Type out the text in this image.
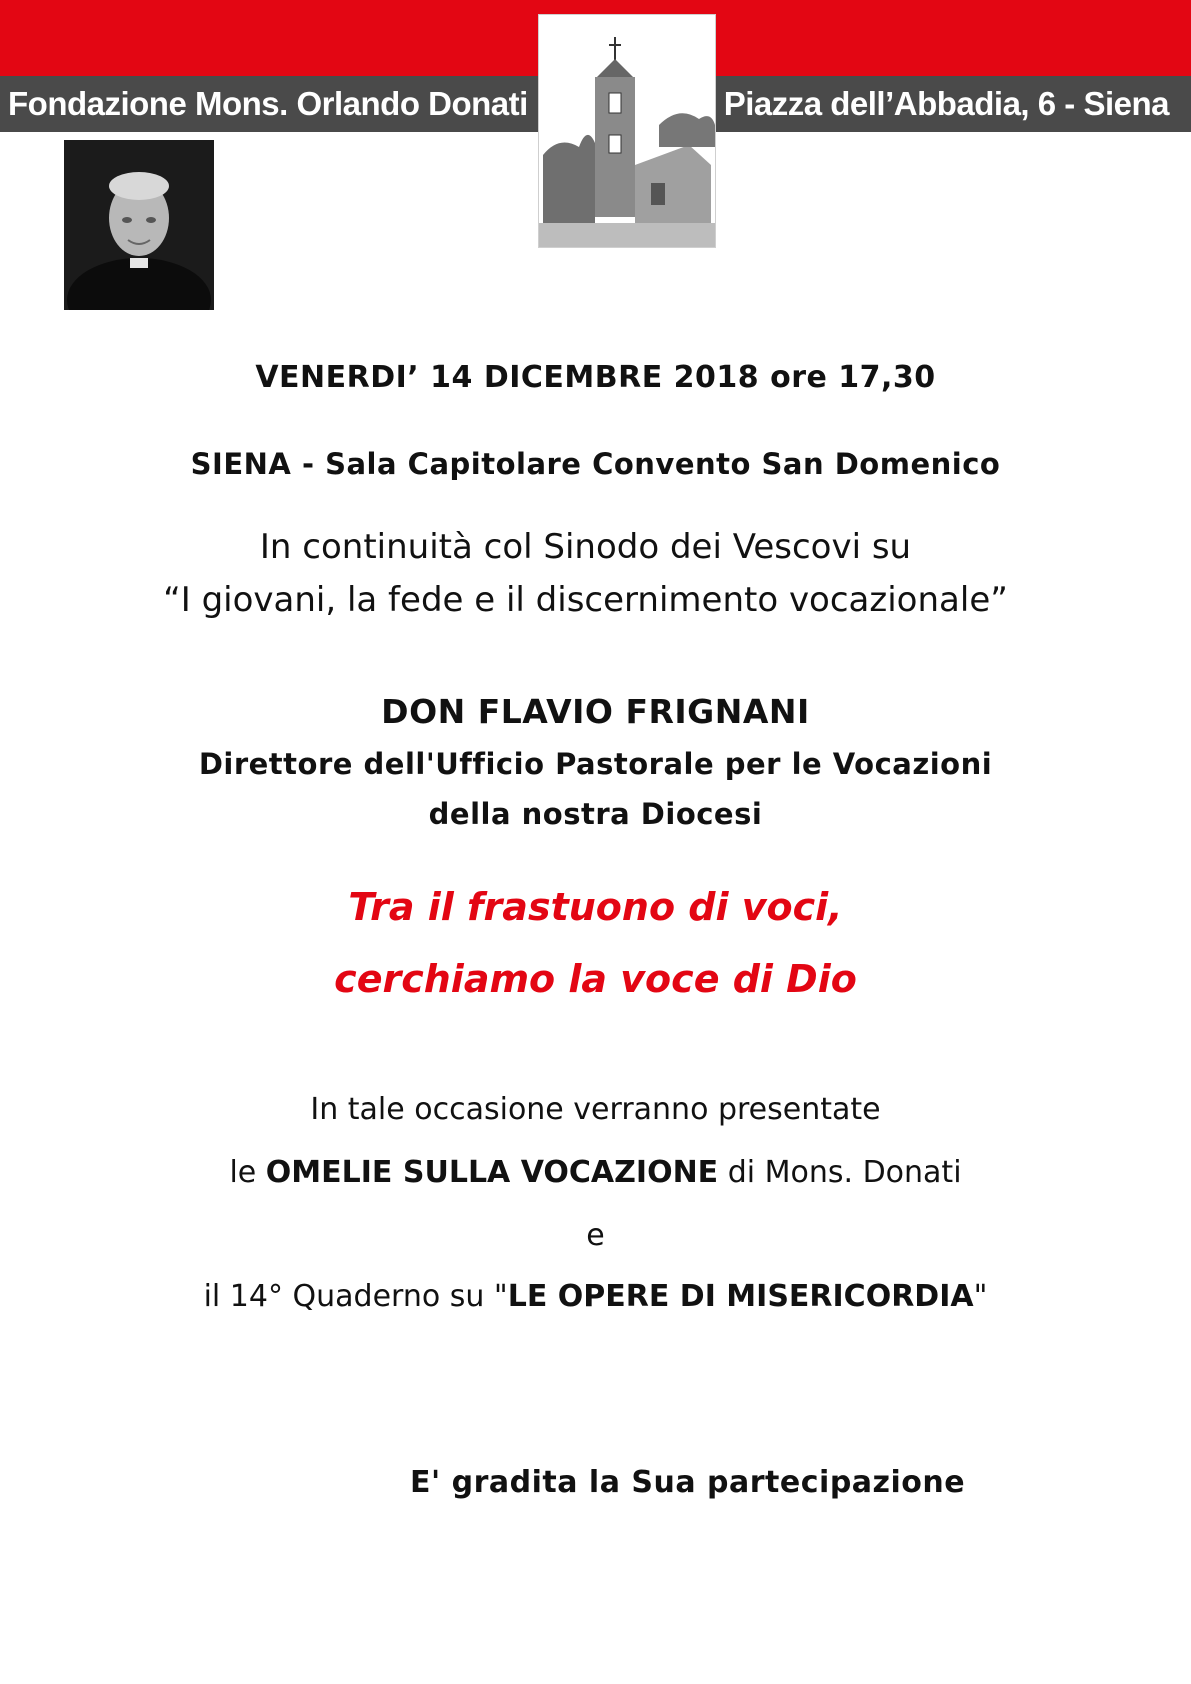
Fondazione Mons. Orlando Donati	Piazza dell’Abbadia, 6 - Siena
VENERDI’ 14 DICEMBRE 2018 ore 17,30
SIENA - Sala Capitolare Convento San Domenico
In continuità col Sinodo dei Vescovi su
“I giovani, la fede e il discernimento vocazionale”
DON FLAVIO FRIGNANI
Direttore dell'Ufficio Pastorale per le Vocazioni
della nostra Diocesi
Tra il frastuono di voci,
cerchiamo la voce di Dio
In tale occasione verranno presentate
le OMELIE SULLA VOCAZIONE di Mons. Donati
e
il 14° Quaderno su "LE OPERE DI MISERICORDIA"
E' gradita la Sua partecipazione
